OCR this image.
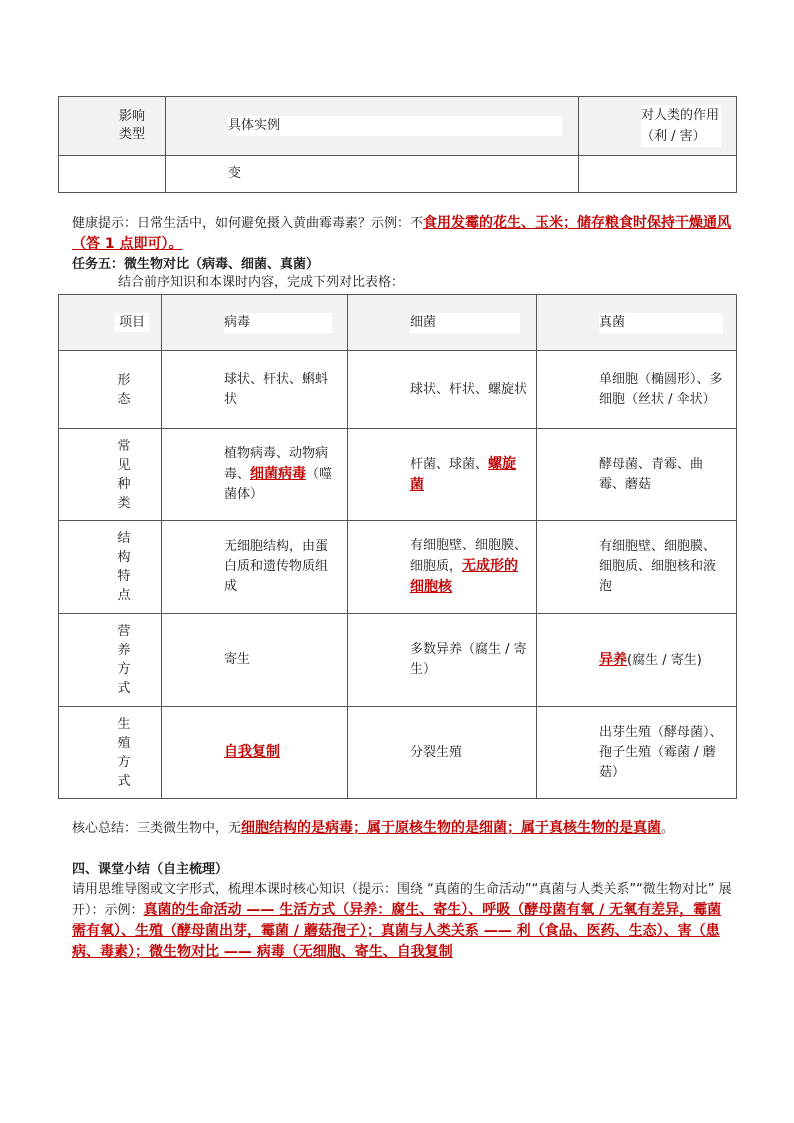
影响类型	具体实例	对人类的作用（利 / 害）
	变	
健康提示：日常生活中，如何避免摄入黄曲霉毒素？示例：不食用发霉的花生、玉米；储存粮食时保持干燥通风（答 1 点即可）。
任务五：微生物对比（病毒、细菌、真菌）
结合前序知识和本课时内容，完成下列对比表格：
项目	病毒	细菌	真菌

形态	球状、杆状、蝌蚪状	球状、杆状、螺旋状	单细胞（椭圆形）、多细胞（丝状 / 伞状）

常见种类	植物病毒、动物病毒、细菌病毒（噬菌体）	杆菌、球菌、螺旋菌	酵母菌、青霉、曲霉、蘑菇

结构特点	无细胞结构，由蛋白质和遗传物质组成	有细胞壁、细胞膜、细胞质，无成形的细胞核	有细胞壁、细胞膜、细胞质、细胞核和液泡

营养方式	寄生	多数异养（腐生 / 寄生）	异养(腐生 / 寄生)

生殖方式	自我复制	分裂生殖	出芽生殖（酵母菌）、孢子生殖（霉菌 / 蘑菇）
核心总结：三类微生物中，无细胞结构的是病毒；属于原核生物的是细菌；属于真核生物的是真菌。
四、课堂小结（自主梳理）
请用思维导图或文字形式，梳理本课时核心知识（提示：围绕 “真菌的生命活动”“真菌与人类关系”“微生物对比” 展开）：示例：真菌的生命活动 —— 生活方式（异养：腐生、寄生）、呼吸（酵母菌有氧 / 无氧有差异，霉菌需有氧）、生殖（酵母菌出芽，霉菌 / 蘑菇孢子）；真菌与人类关系 —— 利（食品、医药、生态）、害（患病、毒素）；微生物对比 —— 病毒（无细胞、寄生、自我复制
